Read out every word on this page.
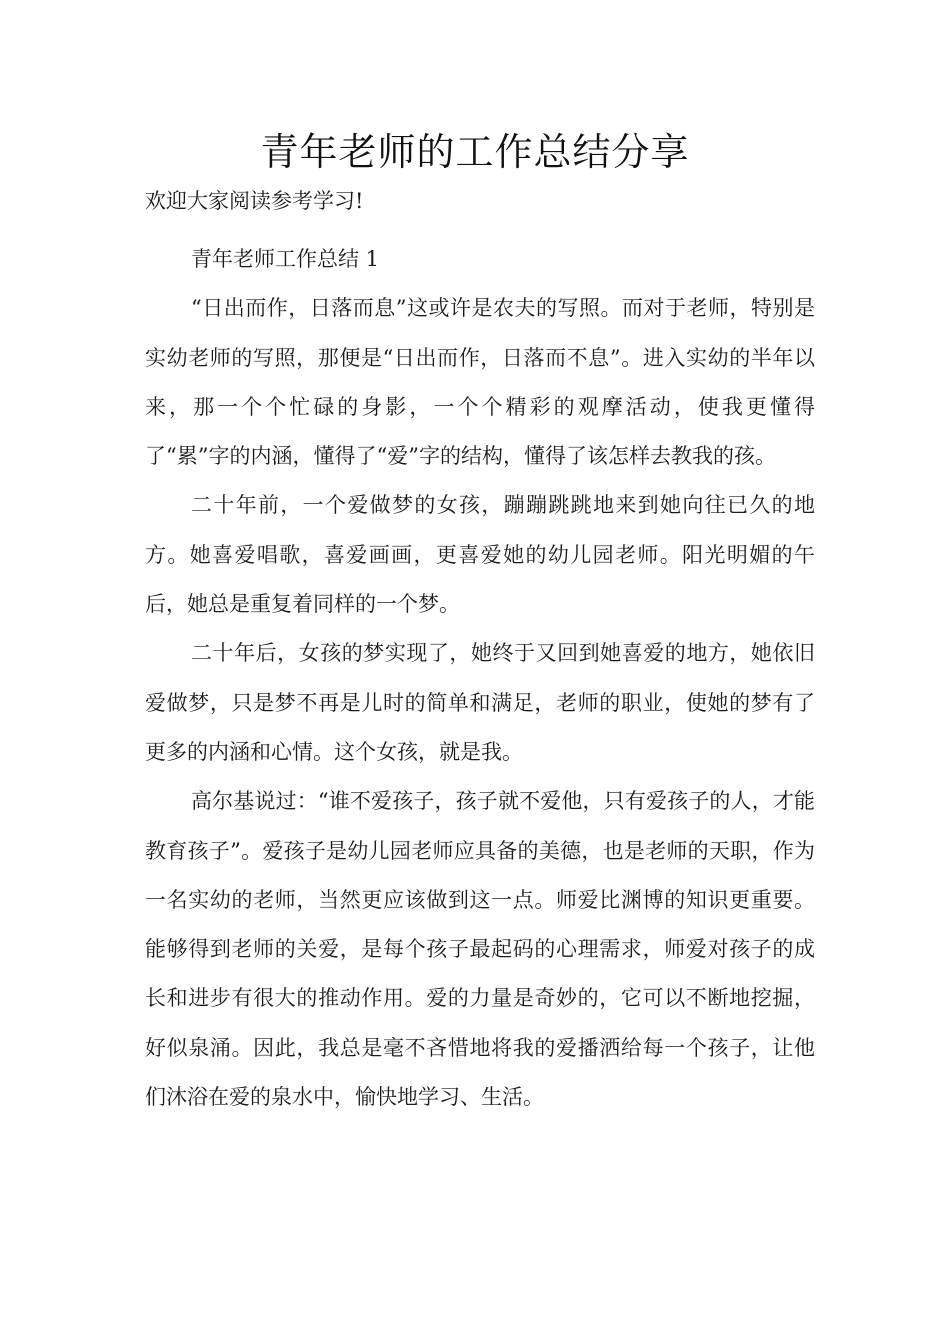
青年老师的工作总结分享
欢迎大家阅读参考学习!

青年老师工作总结 1

“日出而作，日落而息”这或许是农夫的写照。而对于老师，特别是实幼老师的写照，那便是“日出而作，日落而不息”。进入实幼的半年以来，那一个个忙碌的身影，一个个精彩的观摩活动，使我更懂得了“累”字的内涵，懂得了“爱”字的结构，懂得了该怎样去教我的孩。

二十年前，一个爱做梦的女孩，蹦蹦跳跳地来到她向往已久的地方。她喜爱唱歌，喜爱画画，更喜爱她的幼儿园老师。阳光明媚的午后，她总是重复着同样的一个梦。

二十年后，女孩的梦实现了，她终于又回到她喜爱的地方，她依旧爱做梦，只是梦不再是儿时的简单和满足，老师的职业，使她的梦有了更多的内涵和心情。这个女孩，就是我。

高尔基说过：“谁不爱孩子，孩子就不爱他，只有爱孩子的人，才能教育孩子”。爱孩子是幼儿园老师应具备的美德，也是老师的天职，作为一名实幼的老师，当然更应该做到这一点。师爱比渊博的知识更重要。能够得到老师的关爱，是每个孩子最起码的心理需求，师爱对孩子的成长和进步有很大的推动作用。爱的力量是奇妙的，它可以不断地挖掘，好似泉涌。因此，我总是毫不吝惜地将我的爱播洒给每一个孩子，让他们沐浴在爱的泉水中，愉快地学习、生活。
